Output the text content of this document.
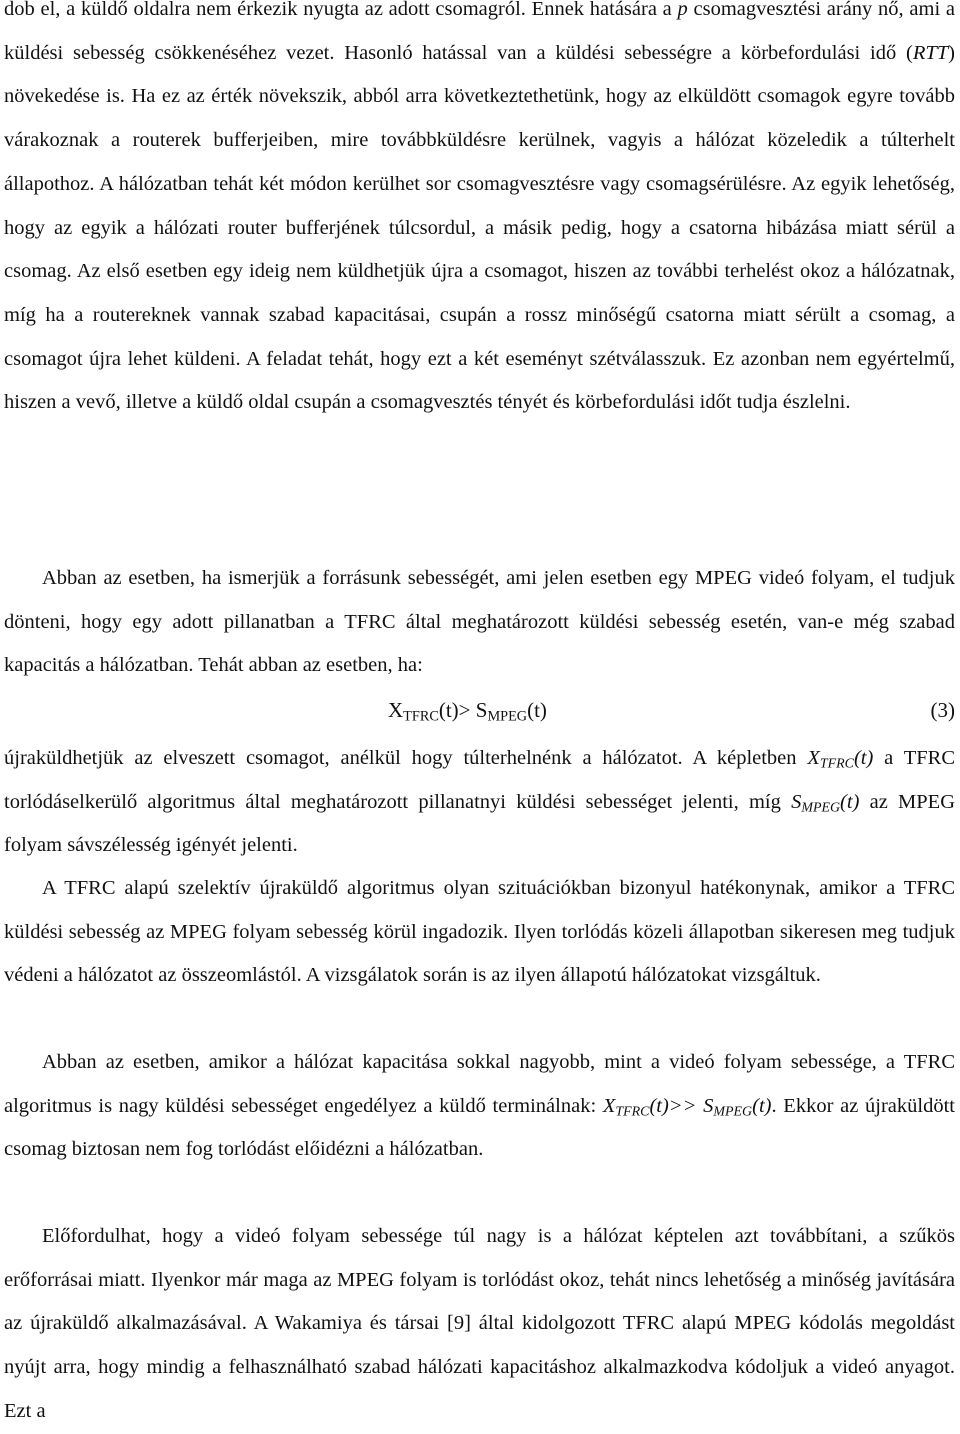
dob el, a küldő oldalra nem érkezik nyugta az adott csomagról. Ennek hatására a p csomagvesztési arány nő, ami a küldési sebesség csökkenéséhez vezet. Hasonló hatással van a küldési sebességre a körbefordulási idő (RTT) növekedése is. Ha ez az érték növekszik, abból arra következtethetünk, hogy az elküldött csomagok egyre tovább várakoznak a routerek bufferjeiben, mire továbbküldésre kerülnek, vagyis a hálózat közeledik a túlterhelt állapothoz. A hálózatban tehát két módon kerülhet sor csomagvesztésre vagy csomagsérülésre. Az egyik lehetőség, hogy az egyik a hálózati router bufferjének túlcsordul, a másik pedig, hogy a csatorna hibázása miatt sérül a csomag. Az első esetben egy ideig nem küldhetjük újra a csomagot, hiszen az további terhelést okoz a hálózatnak, míg ha a routereknek vannak szabad kapacitásai, csupán a rossz minőségű csatorna miatt sérült a csomag, a csomagot újra lehet küldeni. A feladat tehát, hogy ezt a két eseményt szétválasszuk. Ez azonban nem egyértelmű, hiszen a vevő, illetve a küldő oldal csupán a csomagvesztés tényét és körbefordulási időt tudja észlelni.

Abban az esetben, ha ismerjük a forrásunk sebességét, ami jelen esetben egy MPEG videó folyam, el tudjuk dönteni, hogy egy adott pillanatban a TFRC által meghatározott küldési sebesség esetén, van-e még szabad kapacitás a hálózatban. Tehát abban az esetben, ha:

$X_{TFRC}(t)> S_{MPEG}(t)$	(3)

újraküldhetjük az elveszett csomagot, anélkül hogy túlterhelnénk a hálózatot. A képletben $X_{TFRC}(t)$ a TFRC torlódáselkerülő algoritmus által meghatározott pillanatnyi küldési sebességet jelenti, míg $S_{MPEG}(t)$ az MPEG folyam sávszélesség igényét jelenti.

A TFRC alapú szelektív újraküldő algoritmus olyan szituációkban bizonyul hatékonynak, amikor a TFRC küldési sebesség az MPEG folyam sebesség körül ingadozik. Ilyen torlódás közeli állapotban sikeresen meg tudjuk védeni a hálózatot az összeomlástól. A vizsgálatok során is az ilyen állapotú hálózatokat vizsgáltuk.

Abban az esetben, amikor a hálózat kapacitása sokkal nagyobb, mint a videó folyam sebessége, a TFRC algoritmus is nagy küldési sebességet engedélyez a küldő terminálnak: $X_{TFRC}(t)>> S_{MPEG}(t)$. Ekkor az újraküldött csomag biztosan nem fog torlódást előidézni a hálózatban.

Előfordulhat, hogy a videó folyam sebessége túl nagy is a hálózat képtelen azt továbbítani, a szűkös erőforrásai miatt. Ilyenkor már maga az MPEG folyam is torlódást okoz, tehát nincs lehetőség a minőség javítására az újraküldő alkalmazásával. A Wakamiya és társai [9] által kidolgozott TFRC alapú MPEG kódolás megoldást nyújt arra, hogy mindig a felhasználható szabad hálózati kapacitáshoz alkalmazkodva kódoljuk a videó anyagot. Ezt a
